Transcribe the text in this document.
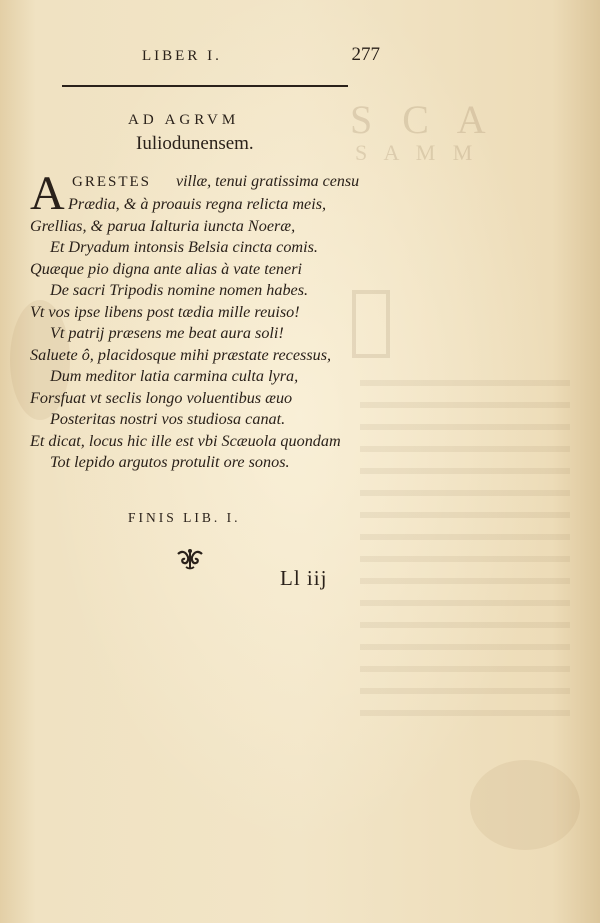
S C A
S A M M
LIBER I.	277
AD AGRVM
Iuliodunensem.
A GRESTES villæ, tenui gratissima censu
Prædia, & à proauis regna relicta meis,
Grellias, & parua Ialturia iuncta Noeræ,
Et Dryadum intonsis Belsia cincta comis.
Quæque pio digna ante alias à vate teneri
De sacri Tripodis nomine nomen habes.
Vt vos ipse libens post tædia mille reuiso!
Vt patrij præsens me beat aura soli!
Saluete ô, placidosque mihi præstate recessus,
Dum meditor latia carmina culta lyra,
Forsfuat vt seclis longo voluentibus æuo
Posteritas nostri vos studiosa canat.
Et dicat, locus hic ille est vbi Scæuola quondam
Tot lepido argutos protulit ore sonos.
FINIS LIB. I.
Ll iij
